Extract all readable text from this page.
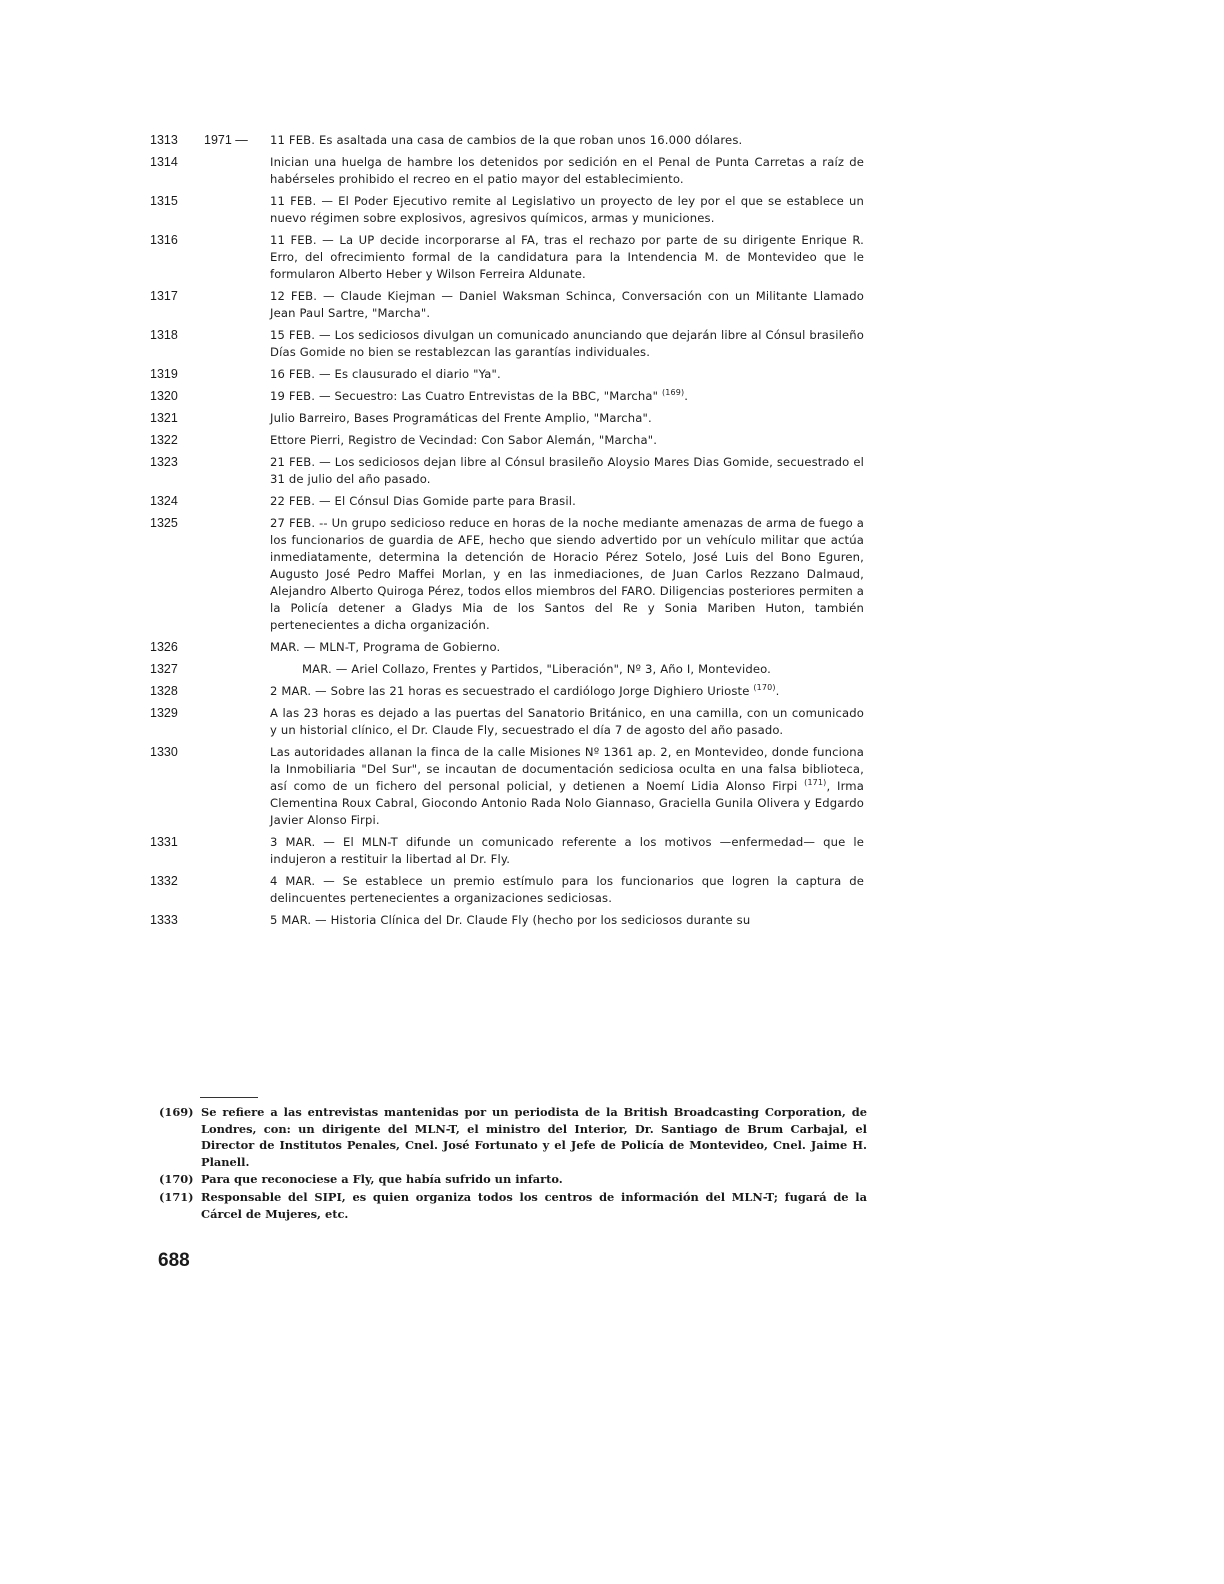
1313	1971 —	11 FEB. Es asaltada una casa de cambios de la que roban unos 16.000 dólares.
1314	Inician una huelga de hambre los detenidos por sedición en el Penal de Punta Carretas a raíz de habérseles prohibido el recreo en el patio mayor del establecimiento.
1315	11 FEB. — El Poder Ejecutivo remite al Legislativo un proyecto de ley por el que se establece un nuevo régimen sobre explosivos, agresivos químicos, armas y municiones.
1316	11 FEB. — La UP decide incorporarse al FA, tras el rechazo por parte de su dirigente Enrique R. Erro, del ofrecimiento formal de la candidatura para la Intendencia M. de Montevideo que le formularon Alberto Heber y Wilson Ferreira Aldunate.
1317	12 FEB. — Claude Kiejman — Daniel Waksman Schinca, Conversación con un Militante Llamado Jean Paul Sartre, "Marcha".
1318	15 FEB. — Los sediciosos divulgan un comunicado anunciando que dejarán libre al Cónsul brasileño Días Gomide no bien se restablezcan las garantías individuales.
1319	16 FEB. — Es clausurado el diario "Ya".
1320	19 FEB. — Secuestro: Las Cuatro Entrevistas de la BBC, "Marcha" $^{(169)}$.
1321	Julio Barreiro, Bases Programáticas del Frente Amplio, "Marcha".
1322	Ettore Pierri, Registro de Vecindad: Con Sabor Alemán, "Marcha".
1323	21 FEB. — Los sediciosos dejan libre al Cónsul brasileño Aloysio Mares Dias Gomide, secuestrado el 31 de julio del año pasado.
1324	22 FEB. — El Cónsul Dias Gomide parte para Brasil.
1325	27 FEB. -- Un grupo sedicioso reduce en horas de la noche mediante amenazas de arma de fuego a los funcionarios de guardia de AFE, hecho que siendo advertido por un vehículo militar que actúa inmediatamente, determina la detención de Horacio Pérez Sotelo, José Luis del Bono Eguren, Augusto José Pedro Maffei Morlan, y en las inmediaciones, de Juan Carlos Rezzano Dalmaud, Alejandro Alberto Quiroga Pérez, todos ellos miembros del FARO. Diligencias posteriores permiten a la Policía detener a Gladys Mia de los Santos del Re y Sonia Mariben Huton, también pertenecientes a dicha organización.
1326	MAR. — MLN-T, Programa de Gobierno.
1327	MAR. — Ariel Collazo, Frentes y Partidos, "Liberación", Nº 3, Año I, Montevideo.
1328	2 MAR. — Sobre las 21 horas es secuestrado el cardiólogo Jorge Dighiero Urioste $^{(170)}$.
1329	A las 23 horas es dejado a las puertas del Sanatorio Británico, en una camilla, con un comunicado y un historial clínico, el Dr. Claude Fly, secuestrado el día 7 de agosto del año pasado.
1330	Las autoridades allanan la finca de la calle Misiones Nº 1361 ap. 2, en Montevideo, donde funciona la Inmobiliaria "Del Sur", se incautan de documentación sediciosa oculta en una falsa biblioteca, así como de un fichero del personal policial, y detienen a Noemí Lidia Alonso Firpi $^{(171)}$, Irma Clementina Roux Cabral, Giocondo Antonio Rada Nolo Giannaso, Graciella Gunila Olivera y Edgardo Javier Alonso Firpi.
1331	3 MAR. — El MLN-T difunde un comunicado referente a los motivos —enfermedad— que le indujeron a restituir la libertad al Dr. Fly.
1332	4 MAR. — Se establece un premio estímulo para los funcionarios que logren la captura de delincuentes pertenecientes a organizaciones sediciosas.
1333	5 MAR. — Historia Clínica del Dr. Claude Fly (hecho por los sediciosos durante su
(169) Se refiere a las entrevistas mantenidas por un periodista de la British Broadcasting Corporation, de Londres, con: un dirigente del MLN-T, el ministro del Interior, Dr. Santiago de Brum Carbajal, el Director de Institutos Penales, Cnel. José Fortunato y el Jefe de Policía de Montevideo, Cnel. Jaime H. Planell.
(170) Para que reconociese a Fly, que había sufrido un infarto.
(171) Responsable del SIPI, es quien organiza todos los centros de información del MLN-T; fugará de la Cárcel de Mujeres, etc.
688
